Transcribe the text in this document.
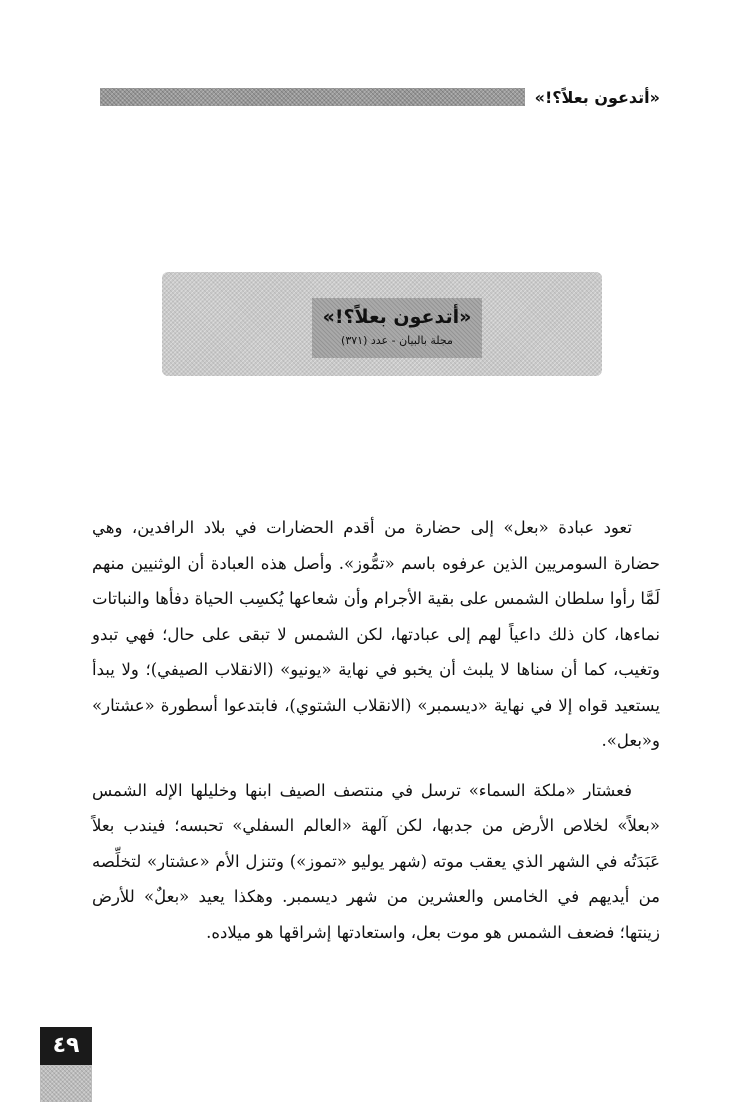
«أتدعون بعلاً؟!»
«أتدعون بعلاً؟!»
مجلة بالبيان - عدد (٣٧١)

تعود عبادة «بعل» إلى حضارة من أقدم الحضارات في بلاد الرافدين، وهي حضارة السومريين الذين عرفوه باسم «تمُّوز». وأصل هذه العبادة أن الوثنيين منهم لَمَّا رأوا سلطان الشمس على بقية الأجرام وأن شعاعها يُكسِب الحياة دفأها والنباتات نماءها، كان ذلك داعياً لهم إلى عبادتها، لكن الشمس لا تبقى على حال؛ فهي تبدو وتغيب، كما أن سناها لا يلبث أن يخبو في نهاية «يونيو» (الانقلاب الصيفي)؛ ولا يبدأ يستعيد قواه إلا في نهاية «ديسمبر» (الانقلاب الشتوي)، فابتدعوا أسطورة «عشتار» و«بعل».

فعشتار «ملكة السماء» ترسل في منتصف الصيف ابنها وخليلها الإله الشمس «بعلاً» لخلاص الأرض من جدبها، لكن آلهة «العالم السفلي» تحبسه؛ فيندب بعلاً عَبَدَتُه في الشهر الذي يعقب موته (شهر يوليو «تموز») وتنزل الأم «عشتار» لتخلِّصه من أيديهم في الخامس والعشرين من شهر ديسمبر. وهكذا يعيد «بعلٌ» للأرض زينتها؛ فضعف الشمس هو موت بعل، واستعادتها إشراقها هو ميلاده.

٤٩
